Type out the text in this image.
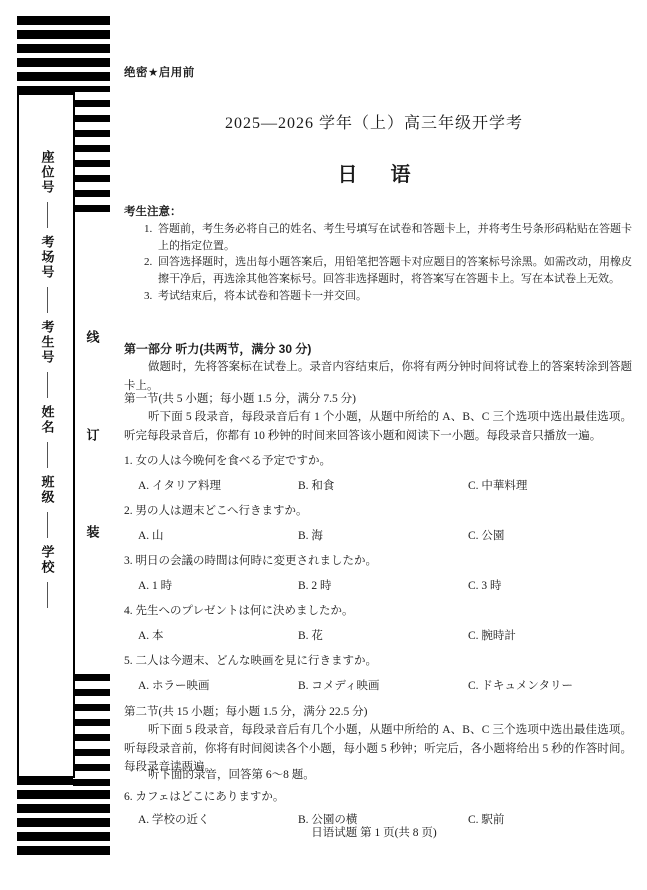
座位号
考场号
考生号
姓名
班级
学校
线
订
装
绝密★启用前
2025—2026 学年（上）高三年级开学考
日 语
考生注意：
1. 答题前，考生务必将自己的姓名、考生号填写在试卷和答题卡上，并将考生号条形码粘贴在答题卡上的指定位置。
2. 回答选择题时，选出每小题答案后，用铅笔把答题卡对应题目的答案标号涂黑。如需改动，用橡皮擦干净后，再选涂其他答案标号。回答非选择题时，将答案写在答题卡上。写在本试卷上无效。
3. 考试结束后，将本试卷和答题卡一并交回。
第一部分 听力(共两节，满分 30 分)
做题时，先将答案标在试卷上。录音内容结束后，你将有两分钟时间将试卷上的答案转涂到答题卡上。
第一节(共 5 小题；每小题 1.5 分，满分 7.5 分)
听下面 5 段录音，每段录音后有 1 个小题，从题中所给的 A、B、C 三个选项中选出最佳选项。听完每段录音后，你都有 10 秒钟的时间来回答该小题和阅读下一小题。每段录音只播放一遍。
1. 女の人は今晩何を食べる予定ですか。
A. イタリア料理	B. 和食	C. 中華料理
2. 男の人は週末どこへ行きますか。
A. 山	B. 海	C. 公園
3. 明日の会議の時間は何時に変更されましたか。
A. 1 時	B. 2 時	C. 3 時
4. 先生へのプレゼントは何に決めましたか。
A. 本	B. 花	C. 腕時計
5. 二人は今週末、どんな映画を見に行きますか。
A. ホラー映画	B. コメディ映画	C. ドキュメンタリー
第二节(共 15 小题；每小题 1.5 分，满分 22.5 分)
听下面 5 段录音，每段录音后有几个小题，从题中所给的 A、B、C 三个选项中选出最佳选项。听每段录音前，你将有时间阅读各个小题，每小题 5 秒钟；听完后，各小题将给出 5 秒的作答时间。每段录音读两遍。
听下面的录音，回答第 6～8 题。
6. カフェはどこにありますか。
A. 学校の近く	B. 公園の横	C. 駅前
日语试题 第 1 页(共 8 页)
